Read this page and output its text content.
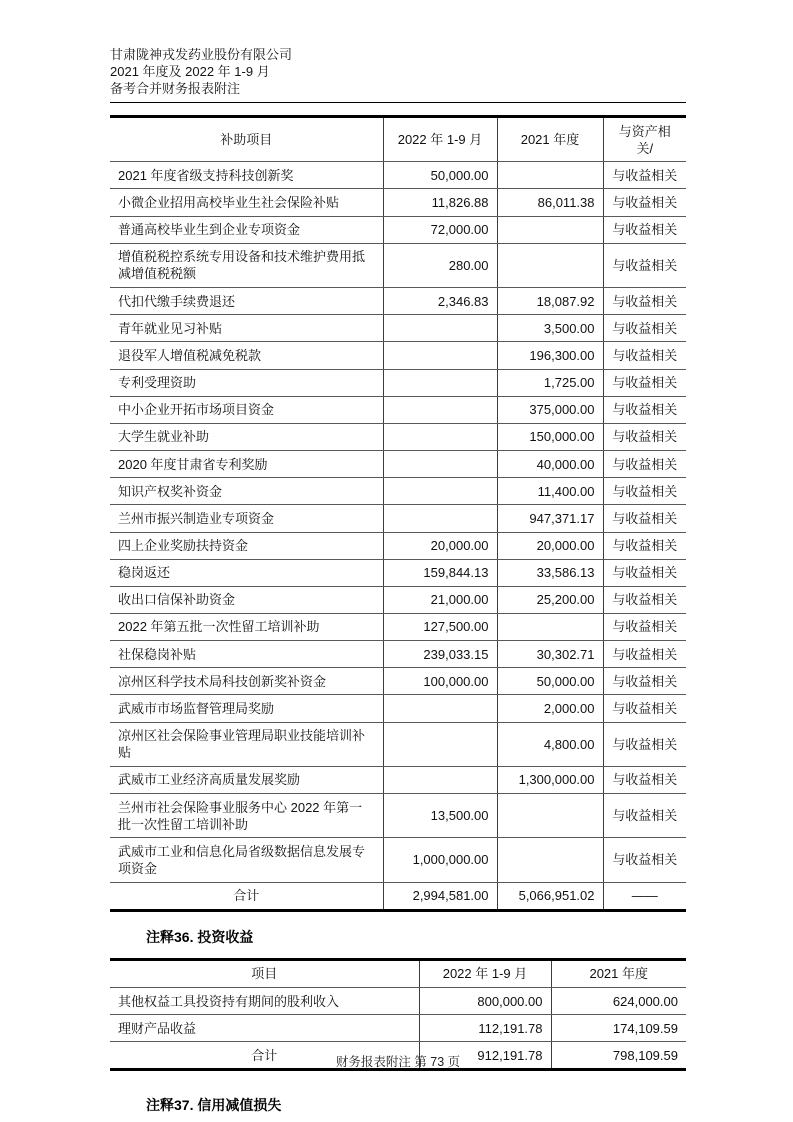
甘肃陇神戎发药业股份有限公司
2021 年度及 2022 年 1-9 月
备考合并财务报表附注
补助项目	2022 年 1-9 月	2021 年度	与资产相关/
2021 年度省级支持科技创新奖	50,000.00		与收益相关
小微企业招用高校毕业生社会保险补贴	11,826.88	86,011.38	与收益相关
普通高校毕业生到企业专项资金	72,000.00		与收益相关
增值税税控系统专用设备和技术维护费用抵减增值税税额	280.00		与收益相关
代扣代缴手续费退还	2,346.83	18,087.92	与收益相关
青年就业见习补贴		3,500.00	与收益相关
退役军人增值税减免税款		196,300.00	与收益相关
专利受理资助		1,725.00	与收益相关
中小企业开拓市场项目资金		375,000.00	与收益相关
大学生就业补助		150,000.00	与收益相关
2020 年度甘肃省专利奖励		40,000.00	与收益相关
知识产权奖补资金		11,400.00	与收益相关
兰州市振兴制造业专项资金		947,371.17	与收益相关
四上企业奖励扶持资金	20,000.00	20,000.00	与收益相关
稳岗返还	159,844.13	33,586.13	与收益相关
收出口信保补助资金	21,000.00	25,200.00	与收益相关
2022 年第五批一次性留工培训补助	127,500.00		与收益相关
社保稳岗补贴	239,033.15	30,302.71	与收益相关
凉州区科学技术局科技创新奖补资金	100,000.00	50,000.00	与收益相关
武威市市场监督管理局奖励		2,000.00	与收益相关
凉州区社会保险事业管理局职业技能培训补贴		4,800.00	与收益相关
武威市工业经济高质量发展奖励		1,300,000.00	与收益相关
兰州市社会保险事业服务中心 2022 年第一批一次性留工培训补助	13,500.00		与收益相关
武威市工业和信息化局省级数据信息发展专项资金	1,000,000.00		与收益相关
合计	2,994,581.00	5,066,951.02	——
注释36. 投资收益
项目	2022 年 1-9 月	2021 年度
其他权益工具投资持有期间的股利收入	800,000.00	624,000.00
理财产品收益	112,191.78	174,109.59
合计	912,191.78	798,109.59
注释37. 信用减值损失
财务报表附注 第 73 页
